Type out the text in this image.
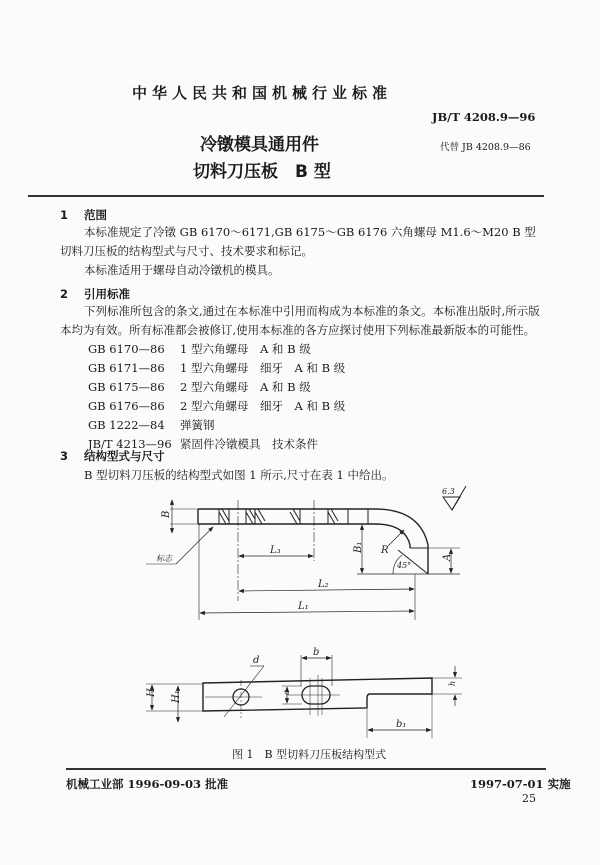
中华人民共和国机械行业标准
JB/T 4208.9—96
冷镦模具通用件
切料刀压板　B 型
代替 JB 4208.9—86
1 范围
本标准规定了冷镦 GB 6170～6171,GB 6175～GB 6176 六角螺母 M1.6～M20 B 型切料刀压板的结构型式与尺寸、技术要求和标记。
本标准适用于螺母自动冷镦机的模具。
2 引用标准
下列标准所包含的条文,通过在本标准中引用而构成为本标准的条文。本标准出版时,所示版本均为有效。所有标准都会被修订,使用本标准的各方应探讨使用下列标准最新版本的可能性。
GB 6170—86 1 型六角螺母　A 和 B 级
GB 6171—86 1 型六角螺母　细牙　A 和 B 级
GB 6175—86 2 型六角螺母　A 和 B 级
GB 6176—86 2 型六角螺母　细牙　A 和 B 级
GB 1222—84 弹簧钢
JB/T 4213—96 紧固件冷镦模具　技术条件
3 结构型式与尺寸
B 型切料刀压板的结构型式如图 1 所示,尺寸在表 1 中给出。
6.3
B
L₃
L₂
L₁
B₁ R
45°
A
标志
d
b
a
H H₁
h
b₁
图 1　B 型切料刀压板结构型式
机械工业部 1996-09-03 批准	1997-07-01 实施
25
